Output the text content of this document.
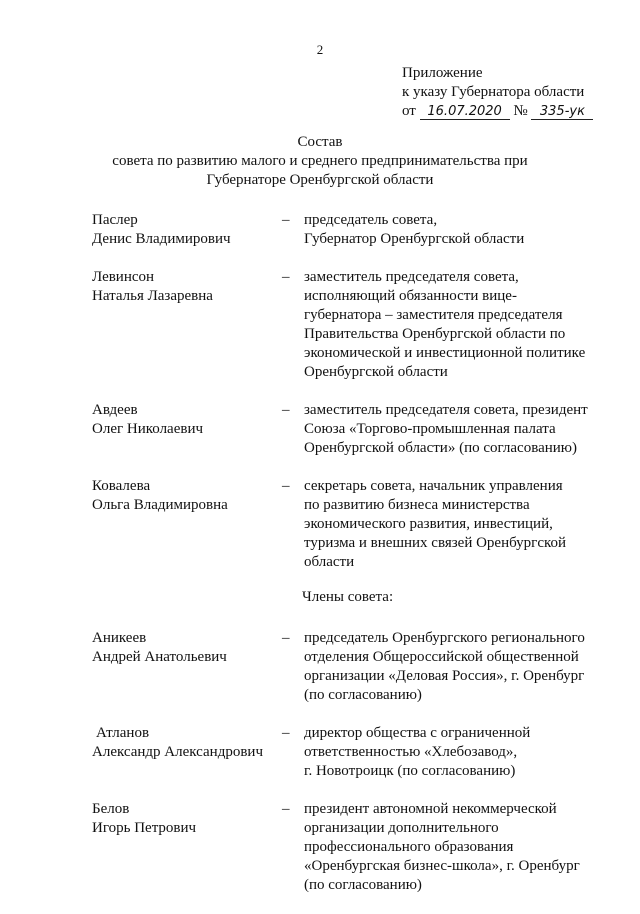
2
Приложение
к указу Губернатора области
от 16.07.2020 № 335-ук
Состав
совета по развитию малого и среднего предпринимательства при
Губернаторе Оренбургской области
Паслер
Денис Владимирович
– председатель совета,
Губернатор Оренбургской области
Левинсон
Наталья Лазаревна
– заместитель председателя совета,
исполняющий обязанности вице-
губернатора – заместителя председателя
Правительства Оренбургской области по
экономической и инвестиционной политике
Оренбургской области
Авдеев
Олег Николаевич
– заместитель председателя совета, президент
Союза «Торгово-промышленная палата
Оренбургской области» (по согласованию)
Ковалева
Ольга Владимировна
– секретарь совета, начальник управления
по развитию бизнеса министерства
экономического развития, инвестиций,
туризма и внешних связей Оренбургской
области
Члены совета:
Аникеев
Андрей Анатольевич
– председатель Оренбургского регионального
отделения Общероссийской общественной
организации «Деловая Россия», г. Оренбург
(по согласованию)
Атланов
Александр Александрович
– директор общества с ограниченной
ответственностью «Хлебозавод»,
г. Новотроицк (по согласованию)
Белов
Игорь Петрович
– президент автономной некоммерческой
организации дополнительного
профессионального образования
«Оренбургская бизнес-школа», г. Оренбург
(по согласованию)
